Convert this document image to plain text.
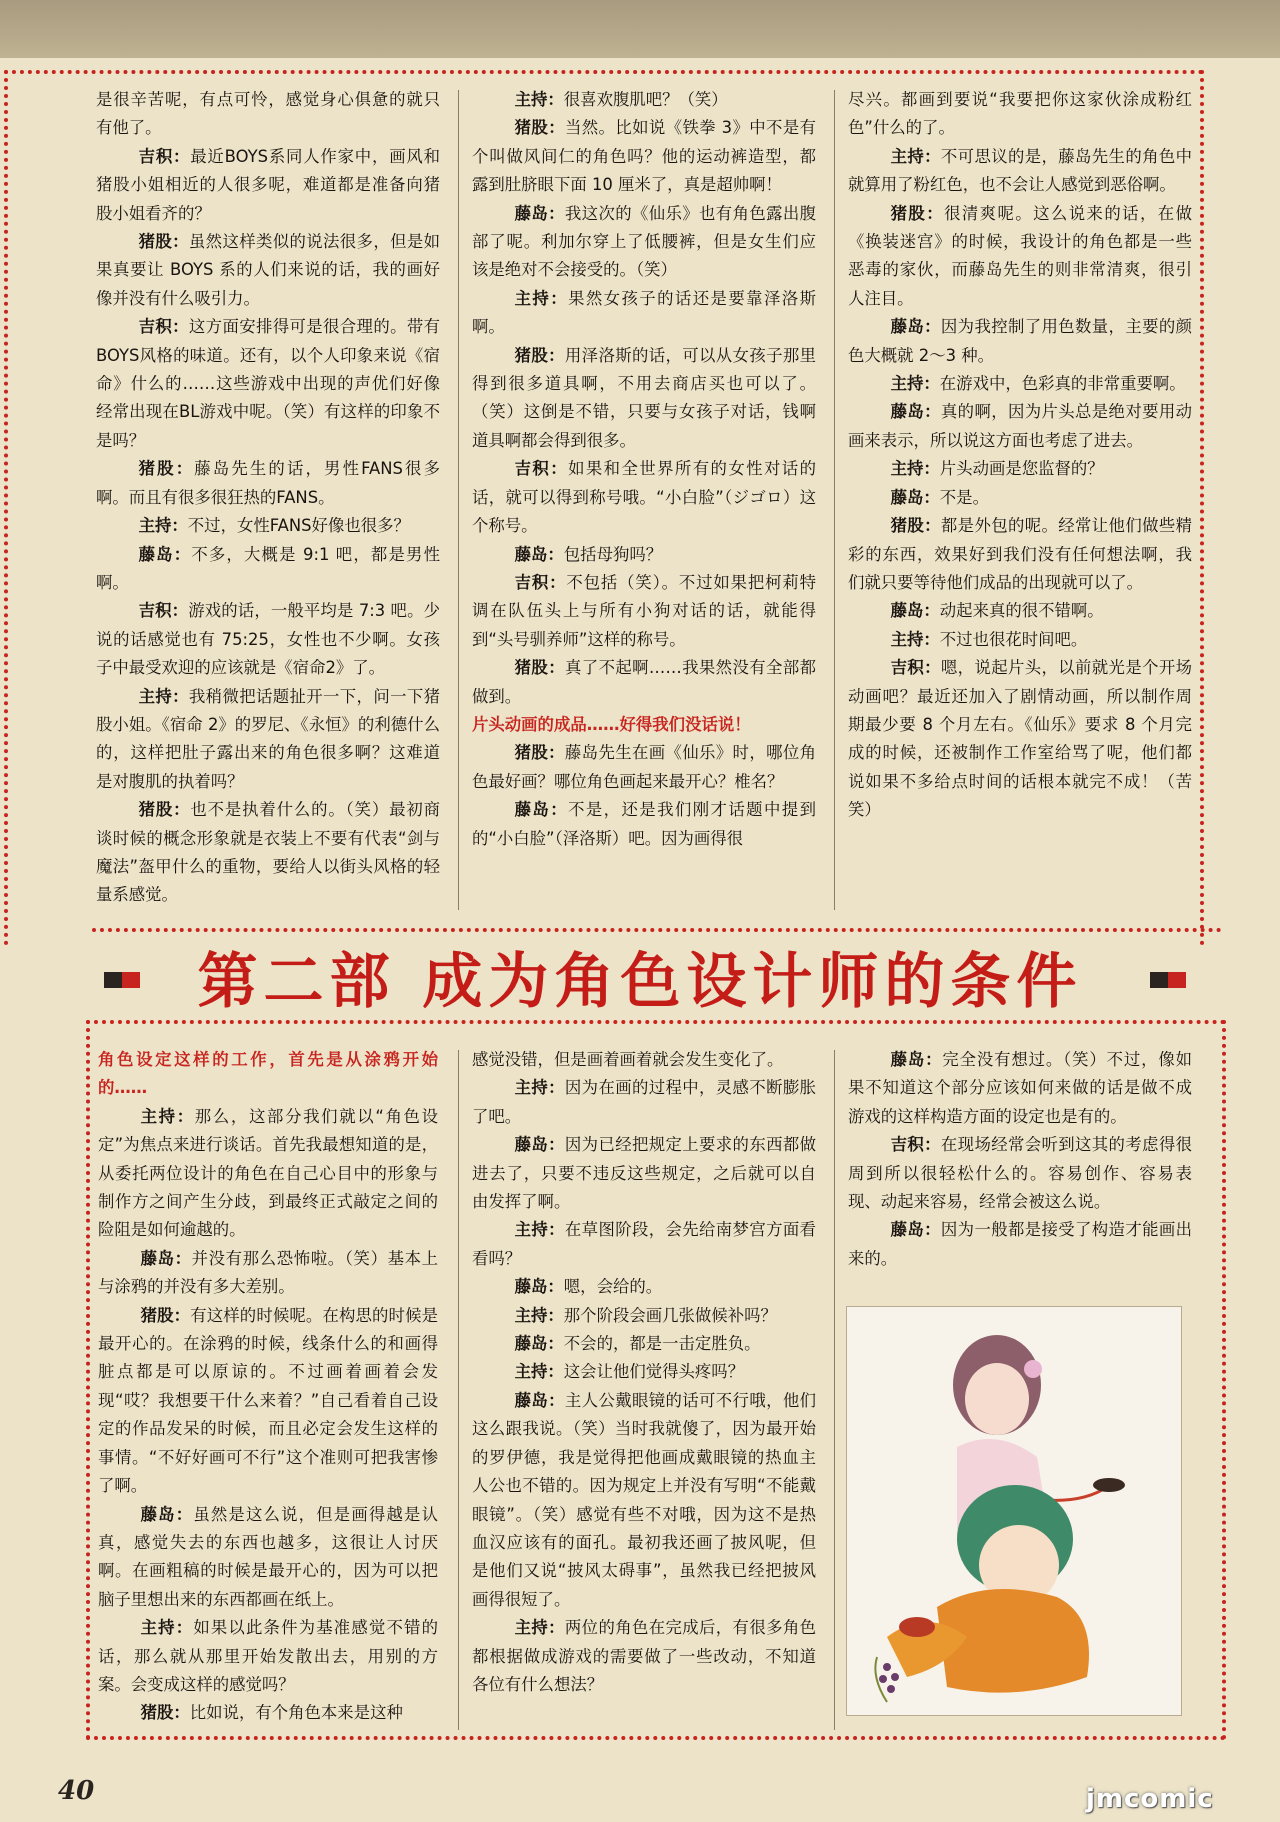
是很辛苦呢，有点可怜，感觉身心俱惫的就只有他了。

吉积：最近BOYS系同人作家中，画风和猪股小姐相近的人很多呢，难道都是准备向猪股小姐看齐的？

猪股：虽然这样类似的说法很多，但是如果真要让 BOYS 系的人们来说的话，我的画好像并没有什么吸引力。

吉积：这方面安排得可是很合理的。带有BOYS风格的味道。还有，以个人印象来说《宿命》什么的……这些游戏中出现的声优们好像经常出现在BL游戏中呢。（笑）有这样的印象不是吗？

猪股：藤岛先生的话，男性FANS很多啊。而且有很多很狂热的FANS。

主持：不过，女性FANS好像也很多？

藤岛：不多，大概是 9:1 吧，都是男性啊。

吉积：游戏的话，一般平均是 7:3 吧。少说的话感觉也有 75:25，女性也不少啊。女孩子中最受欢迎的应该就是《宿命2》了。

主持：我稍微把话题扯开一下，问一下猪股小姐。《宿命 2》的罗尼、《永恒》的利德什么的，这样把肚子露出来的角色很多啊？这难道是对腹肌的执着吗？

猪股：也不是执着什么的。（笑）最初商谈时候的概念形象就是衣装上不要有代表“剑与魔法”盔甲什么的重物，要给人以街头风格的轻量系感觉。

主持：很喜欢腹肌吧？（笑）

猪股：当然。比如说《铁拳 3》中不是有个叫做风间仁的角色吗？他的运动裤造型，都露到肚脐眼下面 10 厘米了，真是超帅啊！

藤岛：我这次的《仙乐》也有角色露出腹部了呢。利加尔穿上了低腰裤，但是女生们应该是绝对不会接受的。（笑）

主持：果然女孩子的话还是要靠泽洛斯啊。

猪股：用泽洛斯的话，可以从女孩子那里得到很多道具啊，不用去商店买也可以了。（笑）这倒是不错，只要与女孩子对话，钱啊道具啊都会得到很多。

吉积：如果和全世界所有的女性对话的话，就可以得到称号哦。“小白脸”（ジゴロ）这个称号。

藤岛：包括母狗吗？

吉积：不包括（笑）。不过如果把柯莉特调在队伍头上与所有小狗对话的话，就能得到“头号驯养师”这样的称号。

猪股：真了不起啊……我果然没有全部都做到。

片头动画的成品……好得我们没话说！

猪股：藤岛先生在画《仙乐》时，哪位角色最好画？哪位角色画起来最开心？椎名？

藤岛：不是，还是我们刚才话题中提到的“小白脸”（泽洛斯）吧。因为画得很

尽兴。都画到要说“我要把你这家伙涂成粉红色”什么的了。

主持：不可思议的是，藤岛先生的角色中就算用了粉红色，也不会让人感觉到恶俗啊。

猪股：很清爽呢。这么说来的话，在做《换装迷宫》的时候，我设计的角色都是一些恶毒的家伙，而藤岛先生的则非常清爽，很引人注目。

藤岛：因为我控制了用色数量，主要的颜色大概就 2～3 种。

主持：在游戏中，色彩真的非常重要啊。

藤岛：真的啊，因为片头总是绝对要用动画来表示，所以说这方面也考虑了进去。

主持：片头动画是您监督的？

藤岛：不是。

猪股：都是外包的呢。经常让他们做些精彩的东西，效果好到我们没有任何想法啊，我们就只要等待他们成品的出现就可以了。

藤岛：动起来真的很不错啊。

主持：不过也很花时间吧。

吉积：嗯，说起片头，以前就光是个开场动画吧？最近还加入了剧情动画，所以制作周期最少要 8 个月左右。《仙乐》要求 8 个月完成的时候，还被制作工作室给骂了呢，他们都说如果不多给点时间的话根本就完不成！（苦笑）

第二部 成为角色设计师的条件

角色设定这样的工作，首先是从涂鸦开始的……

主持：那么，这部分我们就以“角色设定”为焦点来进行谈话。首先我最想知道的是，从委托两位设计的角色在自己心目中的形象与制作方之间产生分歧，到最终正式敲定之间的险阻是如何逾越的。

藤岛：并没有那么恐怖啦。（笑）基本上与涂鸦的并没有多大差别。

猪股：有这样的时候呢。在构思的时候是最开心的。在涂鸦的时候，线条什么的和画得脏点都是可以原谅的。不过画着画着会发现“哎？我想要干什么来着？”自己看着自己设定的作品发呆的时候，而且必定会发生这样的事情。“不好好画可不行”这个准则可把我害惨了啊。

藤岛：虽然是这么说，但是画得越是认真，感觉失去的东西也越多，这很让人讨厌啊。在画粗稿的时候是最开心的，因为可以把脑子里想出来的东西都画在纸上。

主持：如果以此条件为基准感觉不错的话，那么就从那里开始发散出去，用别的方案。会变成这样的感觉吗？

猪股：比如说，有个角色本来是这种

感觉没错，但是画着画着就会发生变化了。

主持：因为在画的过程中，灵感不断膨胀了吧。

藤岛：因为已经把规定上要求的东西都做进去了，只要不违反这些规定，之后就可以自由发挥了啊。

主持：在草图阶段，会先给南梦宫方面看看吗？

藤岛：嗯，会给的。

主持：那个阶段会画几张做候补吗？

藤岛：不会的，都是一击定胜负。

主持：这会让他们觉得头疼吗？

藤岛：主人公戴眼镜的话可不行哦，他们这么跟我说。（笑）当时我就傻了，因为最开始的罗伊德，我是觉得把他画成戴眼镜的热血主人公也不错的。因为规定上并没有写明“不能戴眼镜”。（笑）感觉有些不对哦，因为这不是热血汉应该有的面孔。最初我还画了披风呢，但是他们又说“披风太碍事”，虽然我已经把披风画得很短了。

主持：两位的角色在完成后，有很多角色都根据做成游戏的需要做了一些改动，不知道各位有什么想法？

藤岛：完全没有想过。（笑）不过，像如果不知道这个部分应该如何来做的话是做不成游戏的这样构造方面的设定也是有的。

吉积：在现场经常会听到这其的考虑得很周到所以很轻松什么的。容易创作、容易表现、动起来容易，经常会被这么说。

藤岛：因为一般都是接受了构造才能画出来的。

40	jmcomic
